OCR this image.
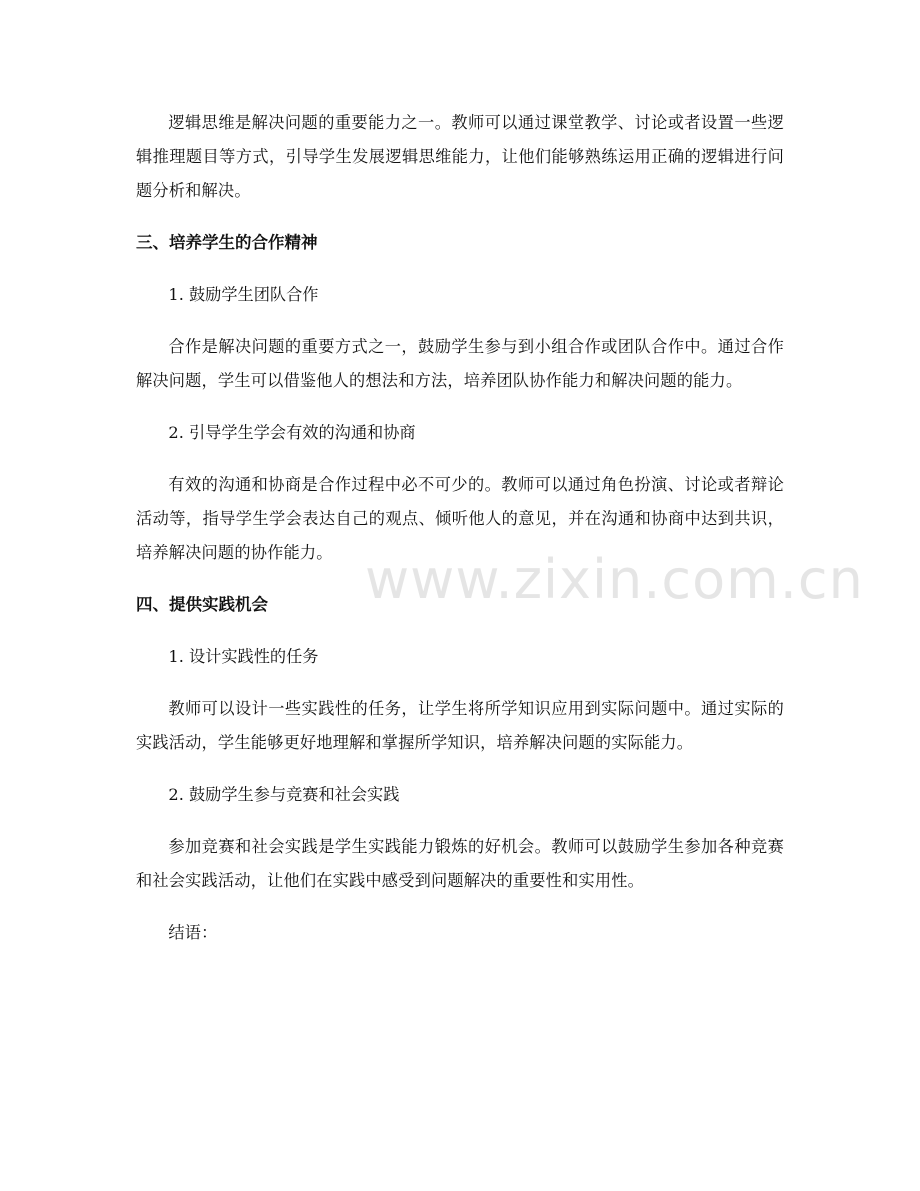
逻辑思维是解决问题的重要能力之一。教师可以通过课堂教学、讨论或者设置一些逻辑推理题目等方式，引导学生发展逻辑思维能力，让他们能够熟练运用正确的逻辑进行问题分析和解决。

三、培养学生的合作精神
1. 鼓励学生团队合作

合作是解决问题的重要方式之一，鼓励学生参与到小组合作或团队合作中。通过合作解决问题，学生可以借鉴他人的想法和方法，培养团队协作能力和解决问题的能力。

2. 引导学生学会有效的沟通和协商

有效的沟通和协商是合作过程中必不可少的。教师可以通过角色扮演、讨论或者辩论活动等，指导学生学会表达自己的观点、倾听他人的意见，并在沟通和协商中达到共识，培养解决问题的协作能力。

四、提供实践机会
1. 设计实践性的任务

教师可以设计一些实践性的任务，让学生将所学知识应用到实际问题中。通过实际的实践活动，学生能够更好地理解和掌握所学知识，培养解决问题的实际能力。

2. 鼓励学生参与竞赛和社会实践

参加竞赛和社会实践是学生实践能力锻炼的好机会。教师可以鼓励学生参加各种竞赛和社会实践活动，让他们在实践中感受到问题解决的重要性和实用性。

结语：

www.zixin.com.cn
